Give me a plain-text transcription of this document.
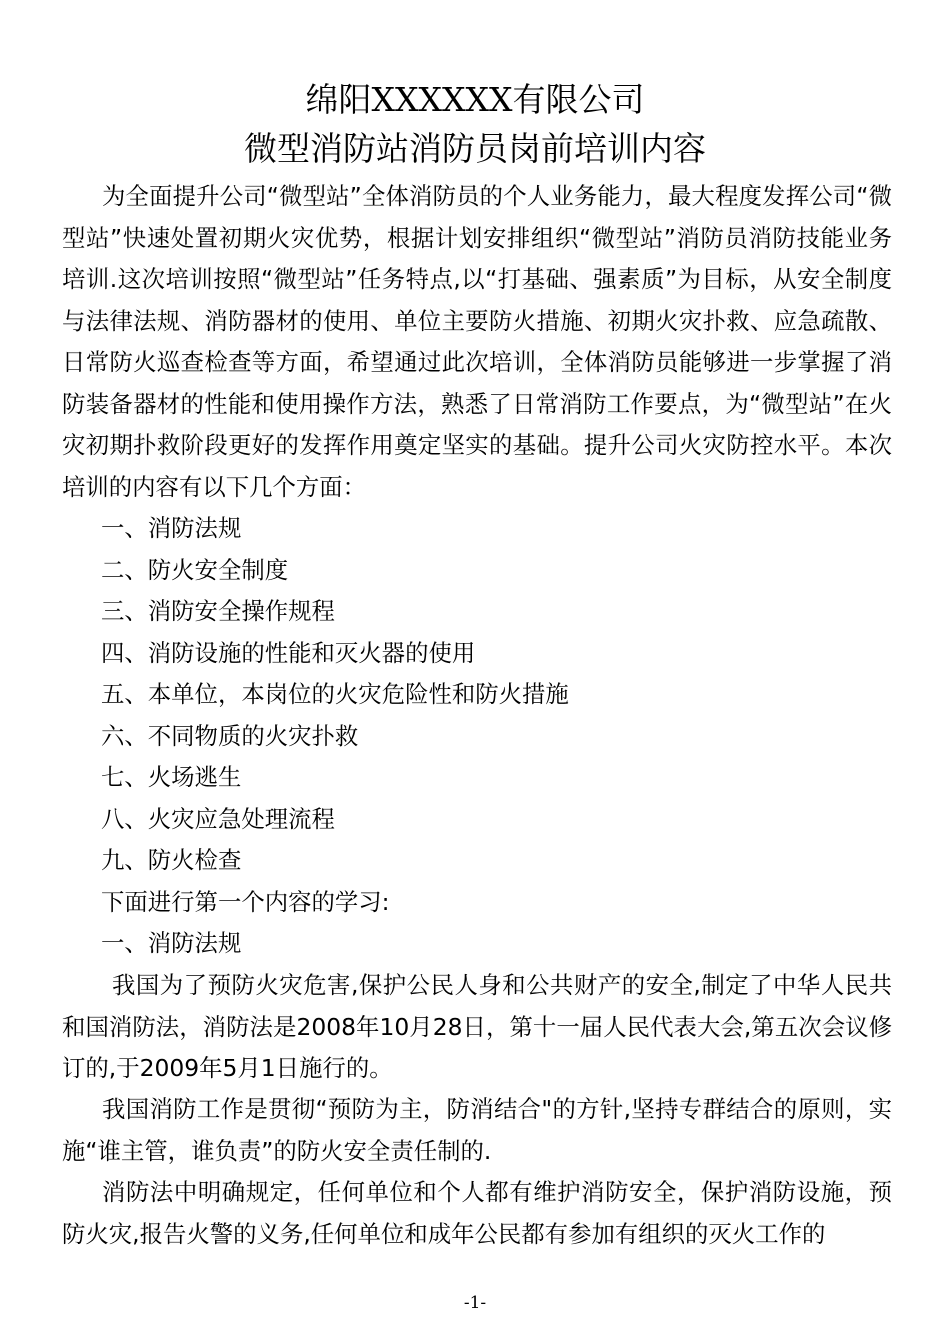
绵阳XXXXXX有限公司
微型消防站消防员岗前培训内容

为全面提升公司“微型站”全体消防员的个人业务能力，最大程度发挥公司“微型站”快速处置初期火灾优势，根据计划安排组织“微型站”消防员消防技能业务培训.这次培训按照“微型站”任务特点,以“打基础、强素质”为目标，从安全制度与法律法规、消防器材的使用、单位主要防火措施、初期火灾扑救、应急疏散、日常防火巡查检查等方面，希望通过此次培训，全体消防员能够进一步掌握了消防装备器材的性能和使用操作方法，熟悉了日常消防工作要点，为“微型站”在火灾初期扑救阶段更好的发挥作用奠定坚实的基础。提升公司火灾防控水平。本次培训的内容有以下几个方面：

一、消防法规
二、防火安全制度
三、消防安全操作规程
四、消防设施的性能和灭火器的使用
五、本单位，本岗位的火灾危险性和防火措施
六、不同物质的火灾扑救
七、火场逃生
八、火灾应急处理流程
九、防火检查
下面进行第一个内容的学习:
一、消防法规

我国为了预防火灾危害,保护公民人身和公共财产的安全,制定了中华人民共和国消防法，消防法是2008年10月28日，第十一届人民代表大会,第五次会议修订的,于2009年5月1日施行的。

我国消防工作是贯彻“预防为主，防消结合"的方针,坚持专群结合的原则，实施“谁主管，谁负责”的防火安全责任制的.

消防法中明确规定，任何单位和个人都有维护消防安全，保护消防设施，预防火灾,报告火警的义务,任何单位和成年公民都有参加有组织的灭火工作的

-1-
